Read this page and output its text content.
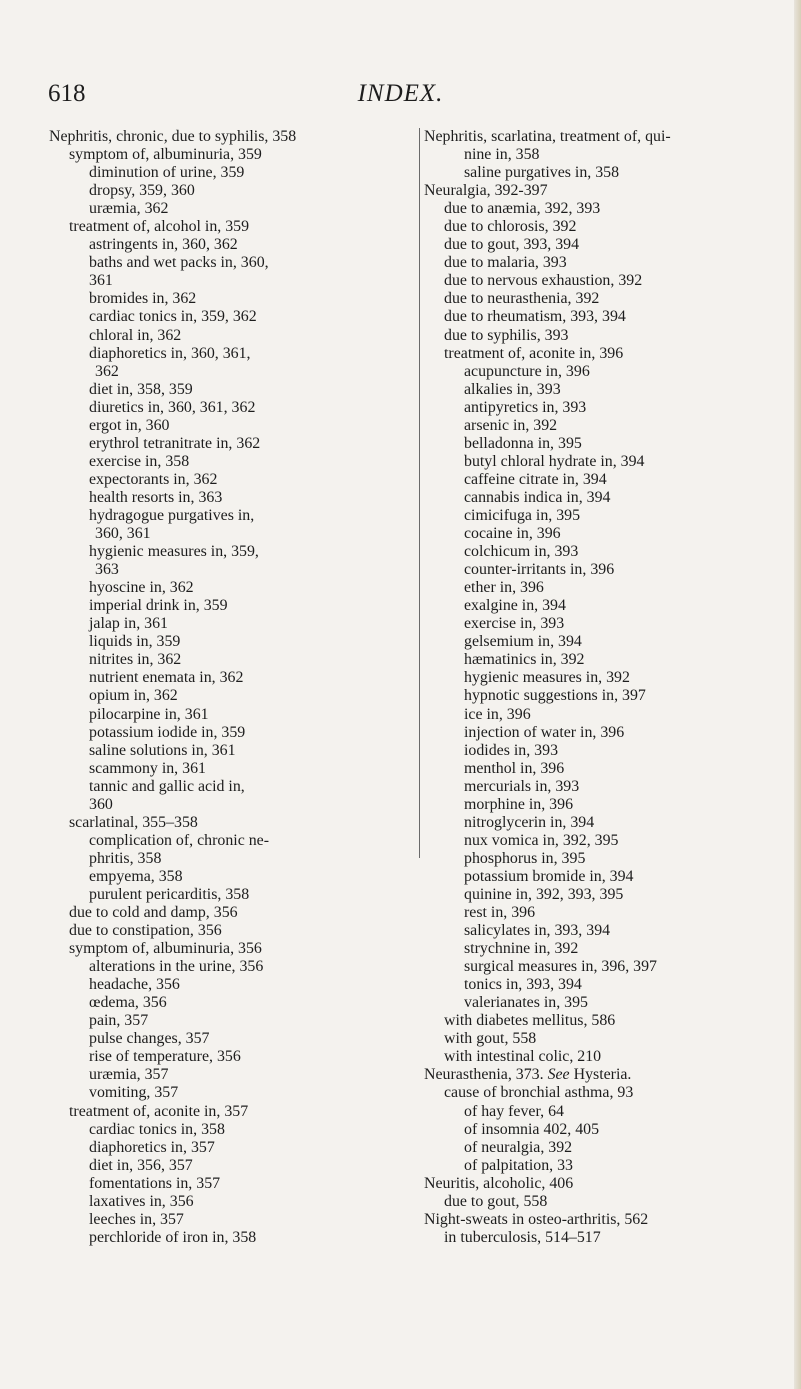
618	INDEX.
Nephritis, chronic, due to syphilis, 358
symptom of, albuminuria, 359
diminution of urine, 359
dropsy, 359, 360
uræmia, 362
treatment of, alcohol in, 359
astringents in, 360, 362
baths and wet packs in, 360,
361
bromides in, 362
cardiac tonics in, 359, 362
chloral in, 362
diaphoretics in, 360, 361,
362
diet in, 358, 359
diuretics in, 360, 361, 362
ergot in, 360
erythrol tetranitrate in, 362
exercise in, 358
expectorants in, 362
health resorts in, 363
hydragogue purgatives in,
360, 361
hygienic measures in, 359,
363
hyoscine in, 362
imperial drink in, 359
jalap in, 361
liquids in, 359
nitrites in, 362
nutrient enemata in, 362
opium in, 362
pilocarpine in, 361
potassium iodide in, 359
saline solutions in, 361
scammony in, 361
tannic and gallic acid in,
360
scarlatinal, 355–358
complication of, chronic ne-
phritis, 358
empyema, 358
purulent pericarditis, 358
due to cold and damp, 356
due to constipation, 356
symptom of, albuminuria, 356
alterations in the urine, 356
headache, 356
œdema, 356
pain, 357
pulse changes, 357
rise of temperature, 356
uræmia, 357
vomiting, 357
treatment of, aconite in, 357
cardiac tonics in, 358
diaphoretics in, 357
diet in, 356, 357
fomentations in, 357
laxatives in, 356
leeches in, 357
perchloride of iron in, 358
Nephritis, scarlatina, treatment of, qui-
nine in, 358
saline purgatives in, 358
Neuralgia, 392-397
due to anæmia, 392, 393
due to chlorosis, 392
due to gout, 393, 394
due to malaria, 393
due to nervous exhaustion, 392
due to neurasthenia, 392
due to rheumatism, 393, 394
due to syphilis, 393
treatment of, aconite in, 396
acupuncture in, 396
alkalies in, 393
antipyretics in, 393
arsenic in, 392
belladonna in, 395
butyl chloral hydrate in, 394
caffeine citrate in, 394
cannabis indica in, 394
cimicifuga in, 395
cocaine in, 396
colchicum in, 393
counter-irritants in, 396
ether in, 396
exalgine in, 394
exercise in, 393
gelsemium in, 394
hæmatinics in, 392
hygienic measures in, 392
hypnotic suggestions in, 397
ice in, 396
injection of water in, 396
iodides in, 393
menthol in, 396
mercurials in, 393
morphine in, 396
nitroglycerin in, 394
nux vomica in, 392, 395
phosphorus in, 395
potassium bromide in, 394
quinine in, 392, 393, 395
rest in, 396
salicylates in, 393, 394
strychnine in, 392
surgical measures in, 396, 397
tonics in, 393, 394
valerianates in, 395
with diabetes mellitus, 586
with gout, 558
with intestinal colic, 210
Neurasthenia, 373. See Hysteria.
cause of bronchial asthma, 93
of hay fever, 64
of insomnia 402, 405
of neuralgia, 392
of palpitation, 33
Neuritis, alcoholic, 406
due to gout, 558
Night-sweats in osteo-arthritis, 562
in tuberculosis, 514–517
